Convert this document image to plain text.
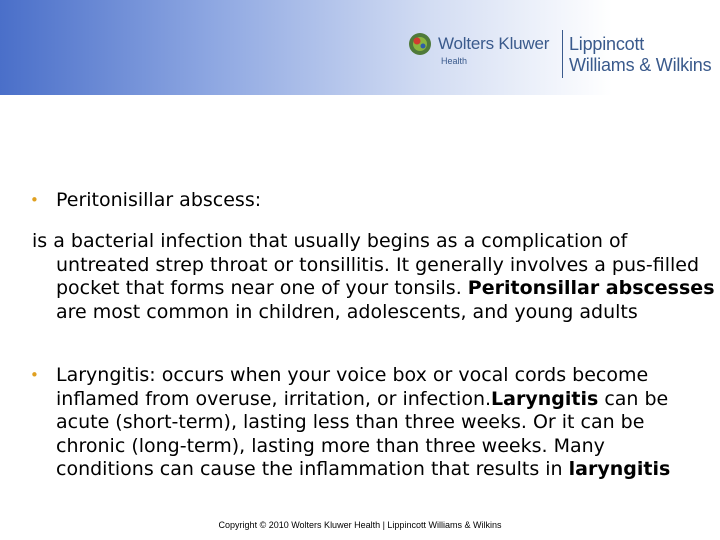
Wolters Kluwer
Health
Lippincott
Williams & Wilkins
• Peritonisillar abscess:
is a bacterial infection that usually begins as a complication of untreated strep throat or tonsillitis. It generally involves a pus-filled pocket that forms near one of your tonsils. Peritonsillar abscesses are most common in children, adolescents, and young adults
• Laryngitis: occurs when your voice box or vocal cords become inflamed from overuse, irritation, or infection.Laryngitis can be acute (short-term), lasting less than three weeks. Or it can be chronic (long-term), lasting more than three weeks. Many conditions can cause the inflammation that results in laryngitis
Copyright © 2010 Wolters Kluwer Health | Lippincott Williams & Wilkins
